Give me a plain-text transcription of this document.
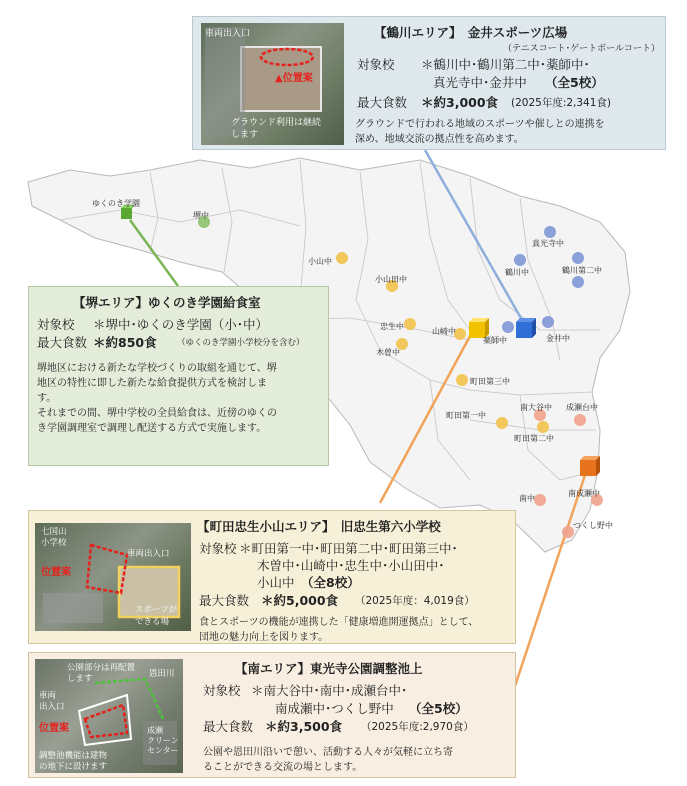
ゆくのき学園
堺中
小山中
小山田中
忠生中
木曽中
山崎中
薬師中	金井中
真光寺中
鶴川中	鶴川第二中
町田第三中
町田第一中
町田第二中
南大谷中 成瀬台中
南成瀬中
南中
つくし野中
車両出入口
▲位置案
グラウンド利用は継続
します
【鶴川エリア】　金井スポーツ広場
（テニスコート･ゲートボールコート）
対象校 ＊鶴川中･鶴川第二中･薬師中･
真光寺中･金井中 （全5校）
最大食数 ＊約3,000食 (2025年度:2,341食)
グラウンドで行われる地域のスポーツや催しとの連携を
深め、地域交流の拠点性を高めます。
【堺エリア】ゆくのき学園給食室
対象校 ＊堺中･ゆくのき学園（小･中）
最大食数 ＊約850食 （ゆくのき学園小学校分を含む）
堺地区における新たな学校づくりの取組を通じて、堺
地区の特性に即した新たな給食提供方式を検討しま
す。
それまでの間、堺中学校の全員給食は、近傍のゆくの
き学園調理室で調理し配送する方式で実施します。
七国山
小学校
車両出入口
位置案
スポーツが
できる場
【町田忠生小山エリア】　旧忠生第六小学校
対象校 ＊町田第一中･町田第二中･町田第三中･
木曽中･山崎中･忠生中･小山田中･
小山中 （全8校）
最大食数 ＊約5,000食 （2025年度：4,019食）
食とスポーツの機能が連携した「健康増進開運拠点」として、
団地の魅力向上を図ります。
公園部分は再配置
します	恩田川
車両
出入口
位置案	成瀬
クリーン
センター
調整池機能は建物
の地下に設けます
【南エリア】東光寺公園調整池上
対象校 ＊南大谷中･南中･成瀬台中･
南成瀬中･つくし野中 （全5校）
最大食数 ＊約3,500食 （2025年度:2,970食）
公園や恩田川沿いで憩い、活動する人々が気軽に立ち寄
ることができる交流の場とします。
